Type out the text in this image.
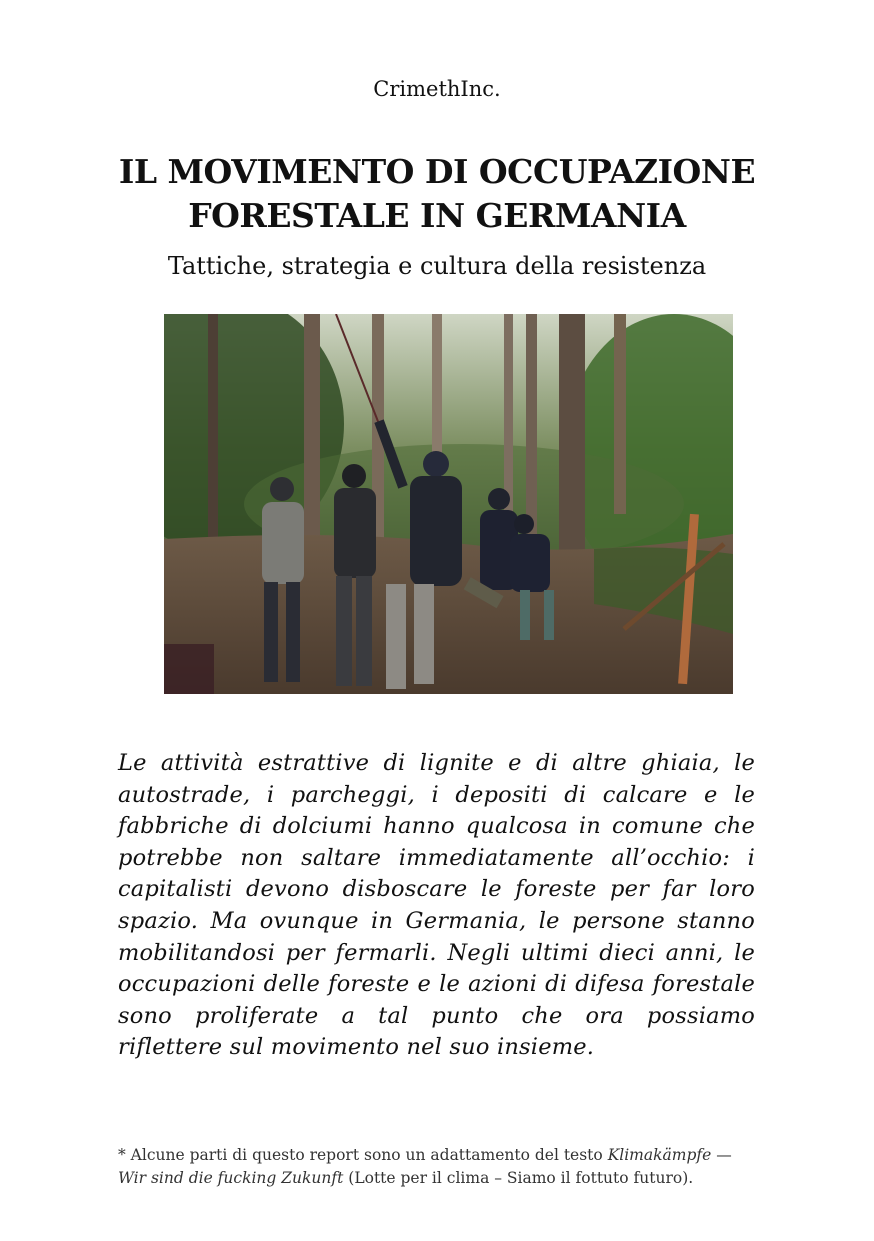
CrimethInc.
IL MOVIMENTO DI OCCUPAZIONE
FORESTALE IN GERMANIA
Tattiche, strategia e cultura della resistenza

Le attività estrattive di lignite e di altre ghiaia, le autostrade, i parcheggi, i depositi di calcare e le fabbriche di dolciumi hanno qualcosa in comune che potrebbe non saltare immediatamente all’occhio: i capitalisti devono disboscare le foreste per far loro spazio. Ma ovunque in Germania, le persone stanno mobilitandosi per fermarli. Negli ultimi dieci anni, le occupazioni delle foreste e le azioni di difesa forestale sono proliferate a tal punto che ora possiamo riflettere sul movimento nel suo insieme.

* Alcune parti di questo report sono un adattamento del testo Klimakämpfe — Wir sind die fucking Zukunft (Lotte per il clima – Siamo il fottuto futuro).
